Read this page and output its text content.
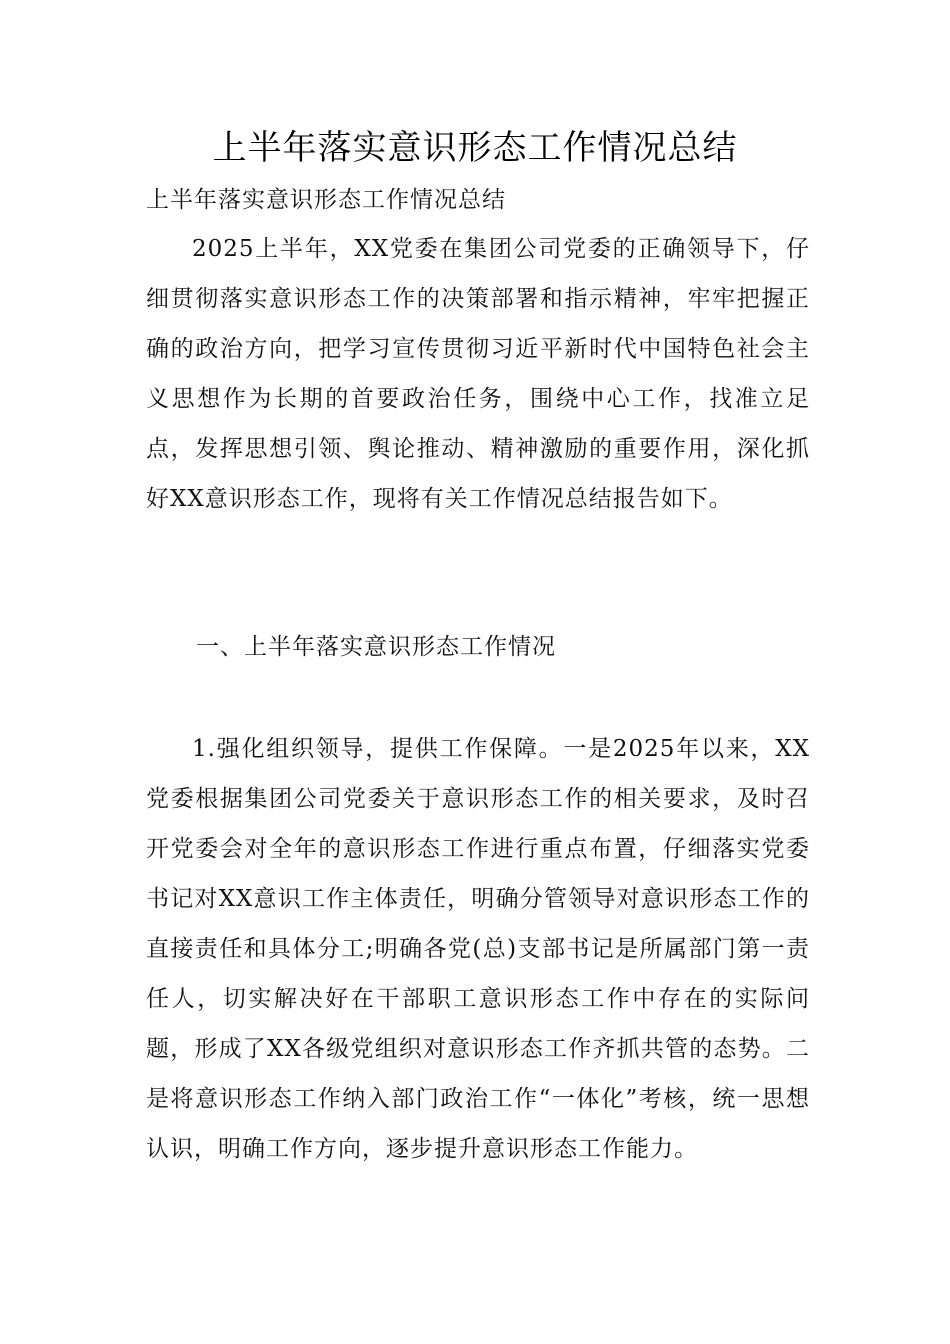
上半年落实意识形态工作情况总结

上半年落实意识形态工作情况总结

2025上半年，XX党委在集团公司党委的正确领导下，仔细贯彻落实意识形态工作的决策部署和指示精神，牢牢把握正确的政治方向，把学习宣传贯彻习近平新时代中国特色社会主义思想作为长期的首要政治任务，围绕中心工作，找准立足点，发挥思想引领、舆论推动、精神激励的重要作用，深化抓好XX意识形态工作，现将有关工作情况总结报告如下。

一、上半年落实意识形态工作情况

1.强化组织领导，提供工作保障。一是2025年以来，XX党委根据集团公司党委关于意识形态工作的相关要求，及时召开党委会对全年的意识形态工作进行重点布置，仔细落实党委书记对XX意识工作主体责任，明确分管领导对意识形态工作的直接责任和具体分工;明确各党(总)支部书记是所属部门第一责任人，切实解决好在干部职工意识形态工作中存在的实际问题，形成了XX各级党组织对意识形态工作齐抓共管的态势。二是将意识形态工作纳入部门政治工作“一体化”考核，统一思想认识，明确工作方向，逐步提升意识形态工作能力。
